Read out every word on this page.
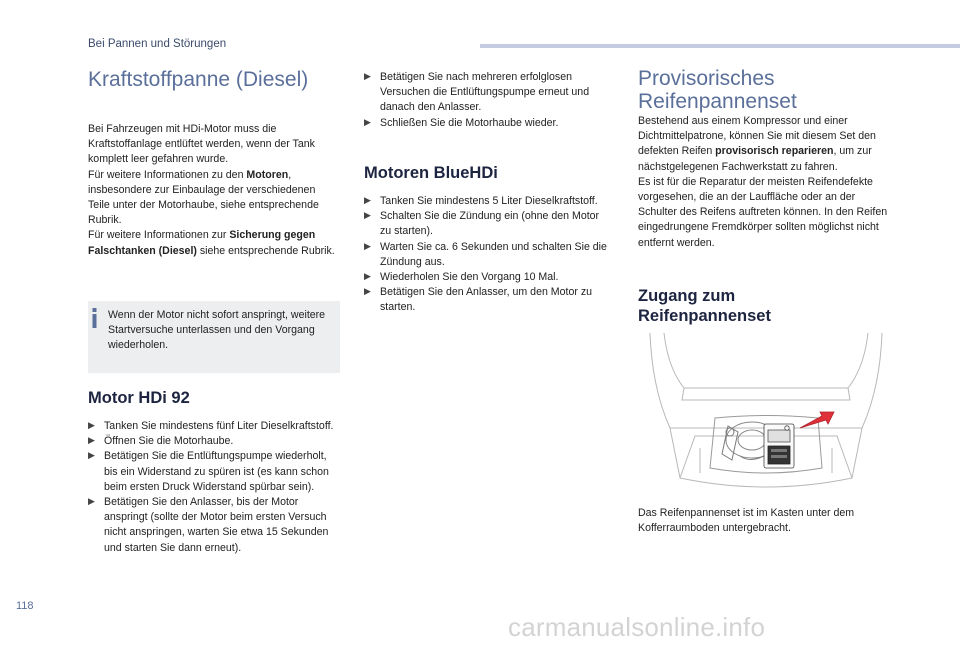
Bei Pannen und Störungen
Kraftstoffpanne (Diesel)

Bei Fahrzeugen mit HDi-Motor muss die Kraftstoffanlage entlüftet werden, wenn der Tank komplett leer gefahren wurde.
Für weitere Informationen zu den Motoren, insbesondere zur Einbaulage der verschiedenen Teile unter der Motorhaube, siehe entsprechende Rubrik.
Für weitere Informationen zur Sicherung gegen Falschtanken (Diesel) siehe entsprechende Rubrik.

Wenn der Motor nicht sofort anspringt, weitere Startversuche unterlassen und den Vorgang wiederholen.

Motor HDi 92
▶ Tanken Sie mindestens fünf Liter Dieselkraftstoff.
▶ Öffnen Sie die Motorhaube.
▶ Betätigen Sie die Entlüftungspumpe wiederholt, bis ein Widerstand zu spüren ist (es kann schon beim ersten Druck Widerstand spürbar sein).
▶ Betätigen Sie den Anlasser, bis der Motor anspringt (sollte der Motor beim ersten Versuch nicht anspringen, warten Sie etwa 15 Sekunden und starten Sie dann erneut).
▶ Betätigen Sie nach mehreren erfolglosen Versuchen die Entlüftungspumpe erneut und danach den Anlasser.
▶ Schließen Sie die Motorhaube wieder.
Motoren BlueHDi
▶ Tanken Sie mindestens 5 Liter Dieselkraftstoff.
▶ Schalten Sie die Zündung ein (ohne den Motor zu starten).
▶ Warten Sie ca. 6 Sekunden und schalten Sie die Zündung aus.
▶ Wiederholen Sie den Vorgang 10 Mal.
▶ Betätigen Sie den Anlasser, um den Motor zu starten.
Provisorisches
Reifenpannenset

Bestehend aus einem Kompressor und einer Dichtmittelpatrone, können Sie mit diesem Set den defekten Reifen provisorisch reparieren, um zur nächstgelegenen Fachwerkstatt zu fahren.
Es ist für die Reparatur der meisten Reifendefekte vorgesehen, die an der Lauffläche oder an der Schulter des Reifens auftreten können. In den Reifen eingedrungene Fremdkörper sollten möglichst nicht entfernt werden.

Zugang zum
Reifenpannenset

Das Reifenpannenset ist im Kasten unter dem Kofferraumboden untergebracht.

118
carmanualsonline.info
